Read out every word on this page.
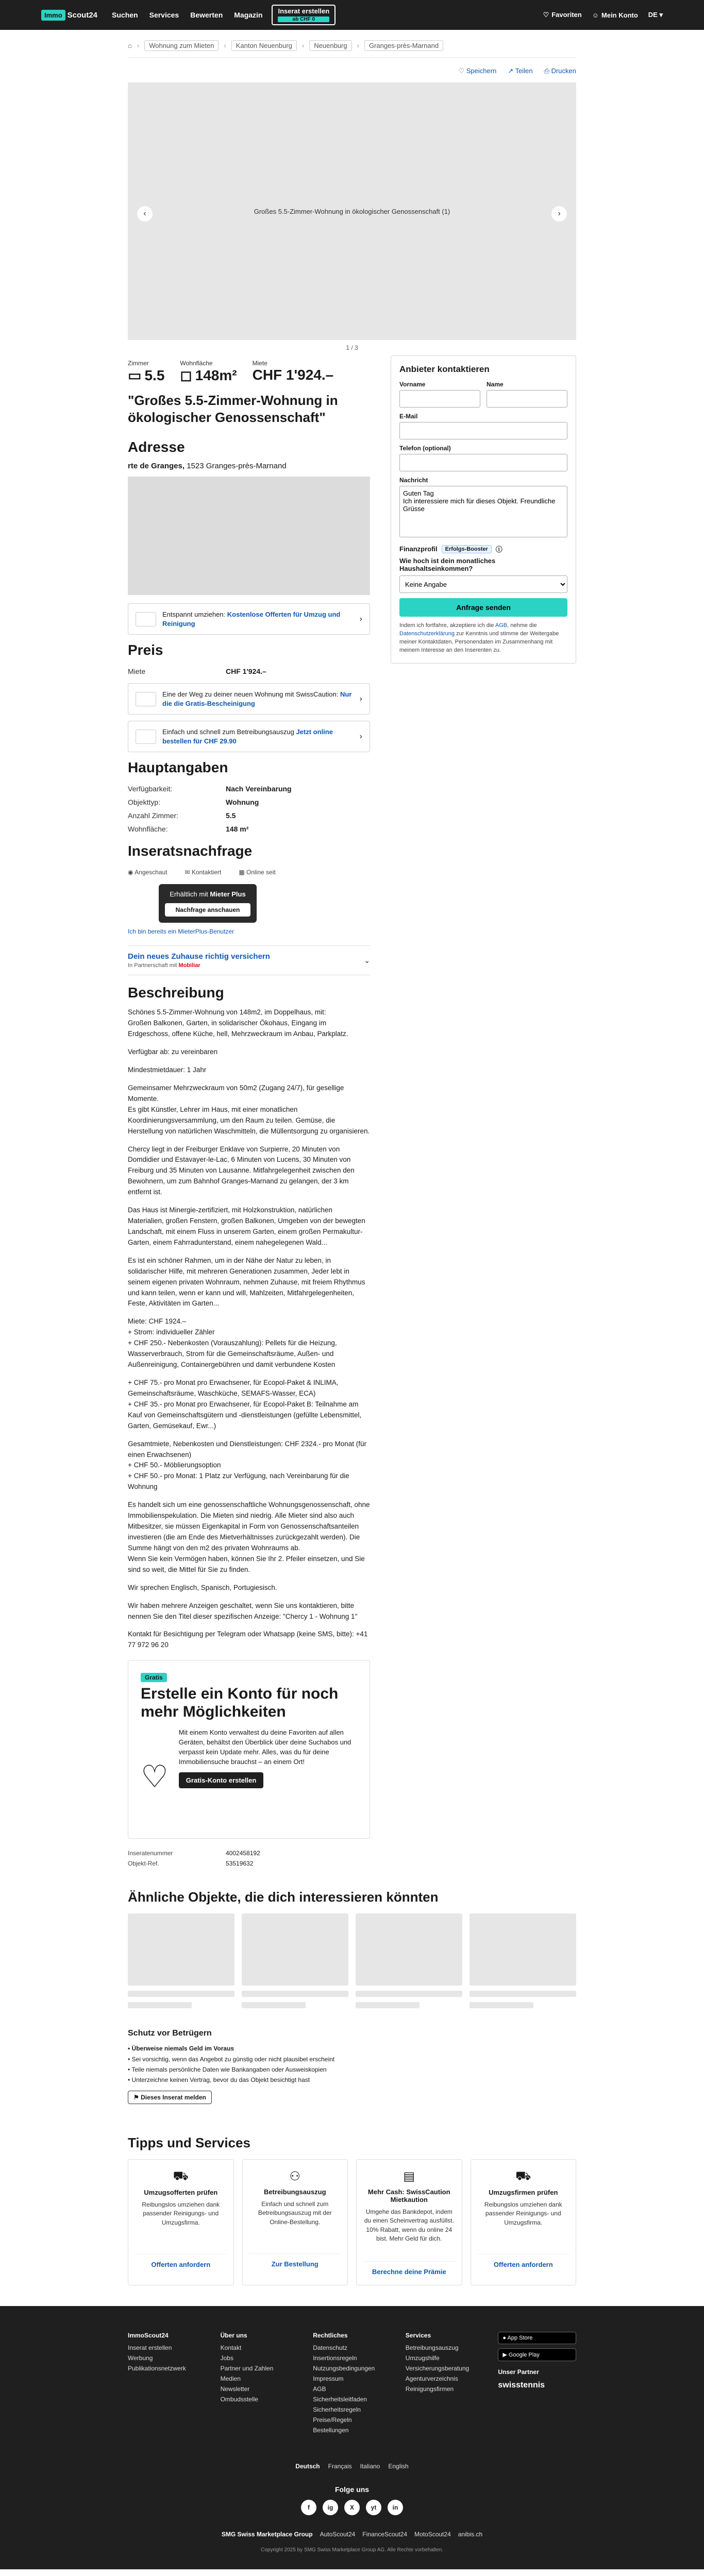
Immo Scout24 Suchen Services Bewerten Magazin	Inserat erstellen
ab CHF 0
♡ Favoriten ☺ Mein Konto DE ▾
⌂ ›	Wohnung zum Mieten	›	Kanton Neuenburg	›	Neuenburg	›	Granges-près-Marnand
♡ Speichern ↗ Teilen ⎙ Drucken
‹	Großes 5.5-Zimmer-Wohnung in ökologischer Genossenschaft (1)	›
1 / 3
Zimmer
▭ 5.5
Wohnfläche
◻ 148m²
Miete
CHF 1'924.–
"Großes 5.5-Zimmer-Wohnung in ökologischer Genossenschaft"
Adresse
rte de Granges, 1523 Granges-près-Marnand
Entspannt umziehen: Kostenlose Offerten für Umzug und Reinigung
›
Preis
Miete	CHF 1'924.–
Eine der Weg zu deiner neuen Wohnung mit SwissCaution: Nur die die Gratis-Bescheinigung
›
Einfach und schnell zum Betreibungsauszug Jetzt online bestellen für CHF 29.90
›
Hauptangaben
Verfügbarkeit:	Nach Vereinbarung
Objekttyp:	Wohnung
Anzahl Zimmer:	5.5
Wohnfläche:	148 m²
Inseratsnachfrage
◉ Angeschaut	✉ Kontaktiert	▦ Online seit
Erhältlich mit Mieter Plus
Nachfrage anschauen
Ich bin bereits ein MieterPlus-Benutzer
Dein neues Zuhause richtig versichern
In Partnerschaft mit Mobiliar
⌄
Beschreibung

Schönes 5.5-Zimmer-Wohnung von 148m2, im Doppelhaus, mit:
Großen Balkonen, Garten, in solidarischer Ökohaus, Eingang im Erdgeschoss, offene Küche, hell, Mehrzweckraum im Anbau, Parkplatz.

Verfügbar ab: zu vereinbaren

Mindestmietdauer: 1 Jahr

Gemeinsamer Mehrzweckraum von 50m2 (Zugang 24/7), für gesellige Momente.
Es gibt Künstler, Lehrer im Haus, mit einer monatlichen Koordinierungsversammlung, um den Raum zu teilen. Gemüse, die Herstellung von natürlichen Waschmitteln, die Müllentsorgung zu organisieren.

Chercy liegt in der Freiburger Enklave von Surpierre, 20 Minuten von Domdidier und Estavayer-le-Lac, 6 Minuten von Lucens, 30 Minuten von Freiburg und 35 Minuten von Lausanne. Mitfahrgelegenheit zwischen den Bewohnern, um zum Bahnhof Granges-Marnand zu gelangen, der 3 km entfernt ist.

Das Haus ist Minergie-zertifiziert, mit Holzkonstruktion, natürlichen Materialien, großen Fenstern, großen Balkonen, Umgeben von der bewegten Landschaft, mit einem Fluss in unserem Garten, einem großen Permakultur-Garten, einem Fahrradunterstand, einem nahegelegenen Wald...

Es ist ein schöner Rahmen, um in der Nähe der Natur zu leben, in solidarischer Hilfe, mit mehreren Generationen zusammen, Jeder lebt in seinem eigenen privaten Wohnraum, nehmen Zuhause, mit freiem Rhythmus und kann teilen, wenn er kann und will, Mahlzeiten, Mitfahrgelegenheiten, Feste, Aktivitäten im Garten...

Miete: CHF 1924.–
+ Strom: individueller Zähler
+ CHF 250.- Nebenkosten (Vorauszahlung): Pellets für die Heizung, Wasserverbrauch, Strom für die Gemeinschaftsräume, Außen- und Außenreinigung, Containergebühren und damit verbundene Kosten

+ CHF 75.- pro Monat pro Erwachsener, für Ecopol-Paket & INLIMA, Gemeinschaftsräume, Waschküche, SEMAFS-Wasser, ECA)
+ CHF 35.- pro Monat pro Erwachsener, für Ecopol-Paket B: Teilnahme am Kauf von Gemeinschaftsgütern und -dienstleistungen (gefüllte Lebensmittel, Garten, Gemüsekauf, Ewr...)

Gesamtmiete, Nebenkosten und Dienstleistungen: CHF 2324.- pro Monat (für einen Erwachsenen)
+ CHF 50.- Möblierungsoption
+ CHF 50.- pro Monat: 1 Platz zur Verfügung, nach Vereinbarung für die Wohnung

Es handelt sich um eine genossenschaftliche Wohnungsgenossenschaft, ohne Immobilienspekulation. Die Mieten sind niedrig. Alle Mieter sind also auch Mitbesitzer, sie müssen Eigenkapital in Form von Genossenschaftsanteilen investieren (die am Ende des Mietverhältnisses zurückgezahlt werden). Die Summe hängt von den m2 des privaten Wohnraums ab.
Wenn Sie kein Vermögen haben, können Sie Ihr 2. Pfeiler einsetzen, und Sie sind so weit, die Mittel für Sie zu finden.

Wir sprechen Englisch, Spanisch, Portugiesisch.

Wir haben mehrere Anzeigen geschaltet, wenn Sie uns kontaktieren, bitte nennen Sie den Titel dieser spezifischen Anzeige: "Chercy 1 - Wohnung 1"

Kontakt für Besichtigung per Telegram oder Whatsapp (keine SMS, bitte): +41 77 972 96 20

Gratis
Erstelle ein Konto für noch mehr Möglichkeiten
♡

Mit einem Konto verwaltest du deine Favoriten auf allen Geräten, behältst den Überblick über deine Suchabos und verpasst kein Update mehr. Alles, was du für deine Immobiliensuche brauchst – an einem Ort!

Gratis-Konto erstellen
Inseratenummer	4002458192
Objekt-Ref.	53519632
Anbieter kontaktieren
Vorname	Name
E-Mail
Telefon (optional)
Nachricht
Guten Tag Ich interessiere mich für dieses Objekt. Freundliche Grüsse
Finanzprofil	Erfolgs-Booster	ⓘ
Wie hoch ist dein monatliches Haushaltseinkommen?
Keine Angabe
Anfrage senden
Indem ich fortfahre, akzeptiere ich die AGB, nehme die Datenschutzerklärung zur Kenntnis und stimme der Weitergabe meiner Kontaktdaten, Personendaten im Zusammenhang mit meinem Interesse an den Inserenten zu.
Ähnliche Objekte, die dich interessieren könnten
Schutz vor Betrügern
• Überweise niemals Geld im Voraus
• Sei vorsichtig, wenn das Angebot zu günstig oder nicht plausibel erscheint
• Teile niemals persönliche Daten wie Bankangaben oder Ausweiskopien
• Unterzeichne keinen Vertrag, bevor du das Objekt besichtigt hast
⚑ Dieses Inserat melden
Tipps und Services
⛟
Umzugsofferten prüfen
Reibungslos umziehen dank passender Reinigungs- und Umzugsfirma.
Offerten anfordern
⚇
Betreibungsauszug
Einfach und schnell zum Betreibungsauszug mit der Online-Bestellung.
Zur Bestellung
▤
Mehr Cash: SwissCaution Mietkaution
Umgehe das Bankdepot, indem du einen Scheinvertrag ausfüllst. 10% Rabatt, wenn du online 24 bist. Mehr Geld für dich.
Berechne deine Prämie
⛟
Umzugsfirmen prüfen
Reibungslos umziehen dank passender Reinigungs- und Umzugsfirma.
Offerten anfordern
ImmoScout24
Inserat erstellen
Werbung
Publikationsnetzwerk
Über uns
Kontakt
Jobs
Partner und Zahlen
Medien
Newsletter
Ombudsstelle
Rechtliches
Datenschutz
Insertionsregeln
Nutzungsbedingungen
Impressum
AGB
Sicherheitsleitfaden
Sicherheitsregeln
Preise/Regeln
Bestellungen
Services
Betreibungsauszug
Umzugshilfe
Versicherungsberatung
Agenturverzeichnis
Reinigungsfirmen
● App Store
▶ Google Play
Unser Partner
swisstennis
Deutsch Français Italiano English
Folge uns
f	ig	X	yt	in
SMG Swiss Marketplace Group AutoScout24 FinanceScout24 MotoScout24 anibis.ch
Copyright 2025 by SMG Swiss Marketplace Group AG. Alle Rechte vorbehalten.
